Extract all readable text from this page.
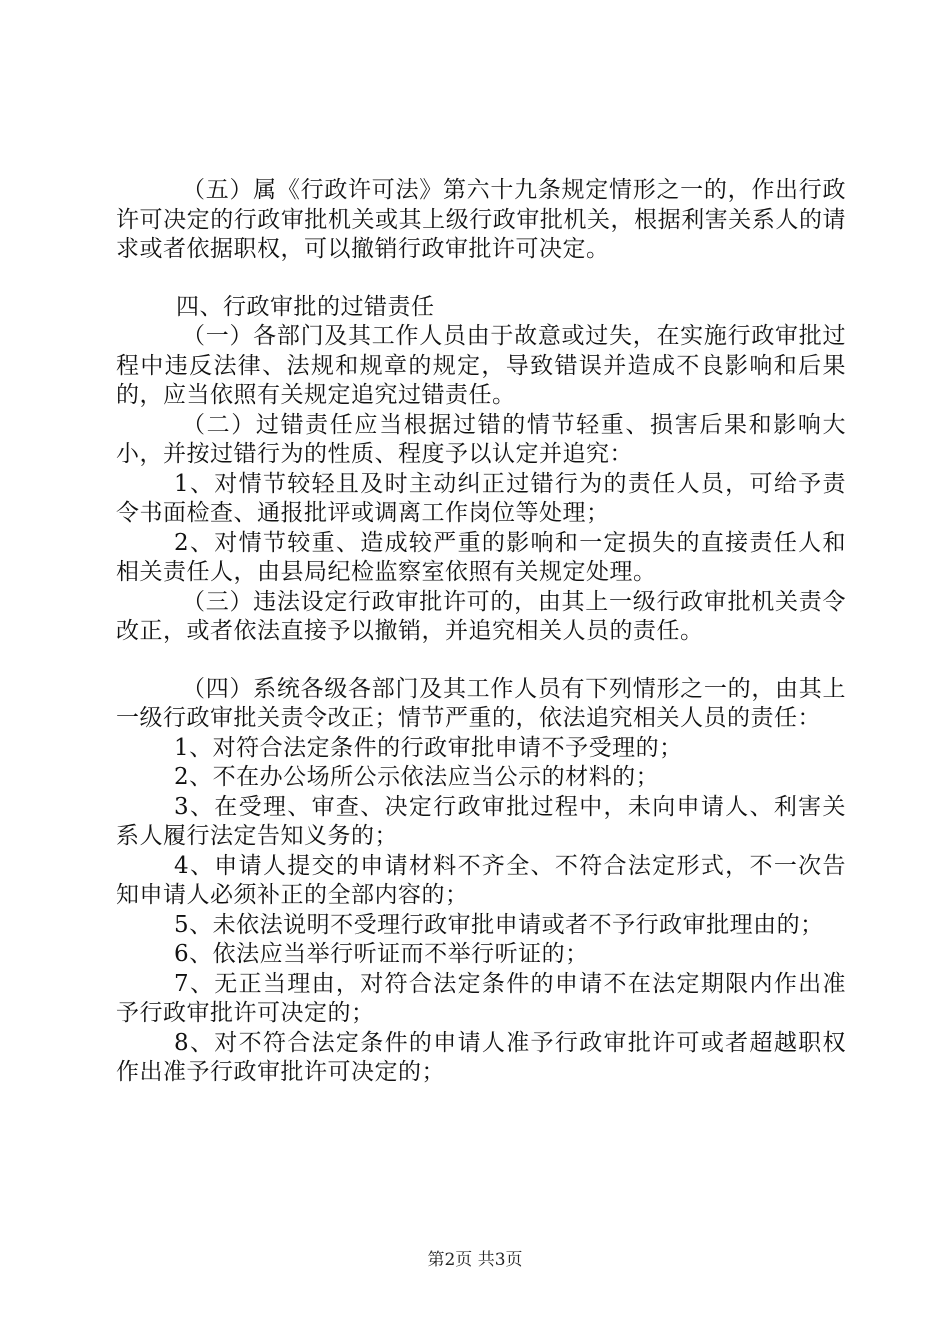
（五）属《行政许可法》第六十九条规定情形之一的，作出行政许可决定的行政审批机关或其上级行政审批机关，根据利害关系人的请求或者依据职权，可以撤销行政审批许可决定。

四、行政审批的过错责任

（一）各部门及其工作人员由于故意或过失，在实施行政审批过程中违反法律、法规和规章的规定，导致错误并造成不良影响和后果的，应当依照有关规定追究过错责任。

（二）过错责任应当根据过错的情节轻重、损害后果和影响大小，并按过错行为的性质、程度予以认定并追究：

1、对情节较轻且及时主动纠正过错行为的责任人员，可给予责令书面检查、通报批评或调离工作岗位等处理；

2、对情节较重、造成较严重的影响和一定损失的直接责任人和相关责任人，由县局纪检监察室依照有关规定处理。

（三）违法设定行政审批许可的，由其上一级行政审批机关责令改正，或者依法直接予以撤销，并追究相关人员的责任。

（四）系统各级各部门及其工作人员有下列情形之一的，由其上一级行政审批关责令改正；情节严重的，依法追究相关人员的责任：

1、对符合法定条件的行政审批申请不予受理的；

2、不在办公场所公示依法应当公示的材料的；

3、在受理、审查、决定行政审批过程中，未向申请人、利害关系人履行法定告知义务的；

4、申请人提交的申请材料不齐全、不符合法定形式，不一次告知申请人必须补正的全部内容的；

5、未依法说明不受理行政审批申请或者不予行政审批理由的；

6、依法应当举行听证而不举行听证的；

7、无正当理由，对符合法定条件的申请不在法定期限内作出准予行政审批许可决定的；

8、对不符合法定条件的申请人准予行政审批许可或者超越职权作出准予行政审批许可决定的；

第2页 共3页
